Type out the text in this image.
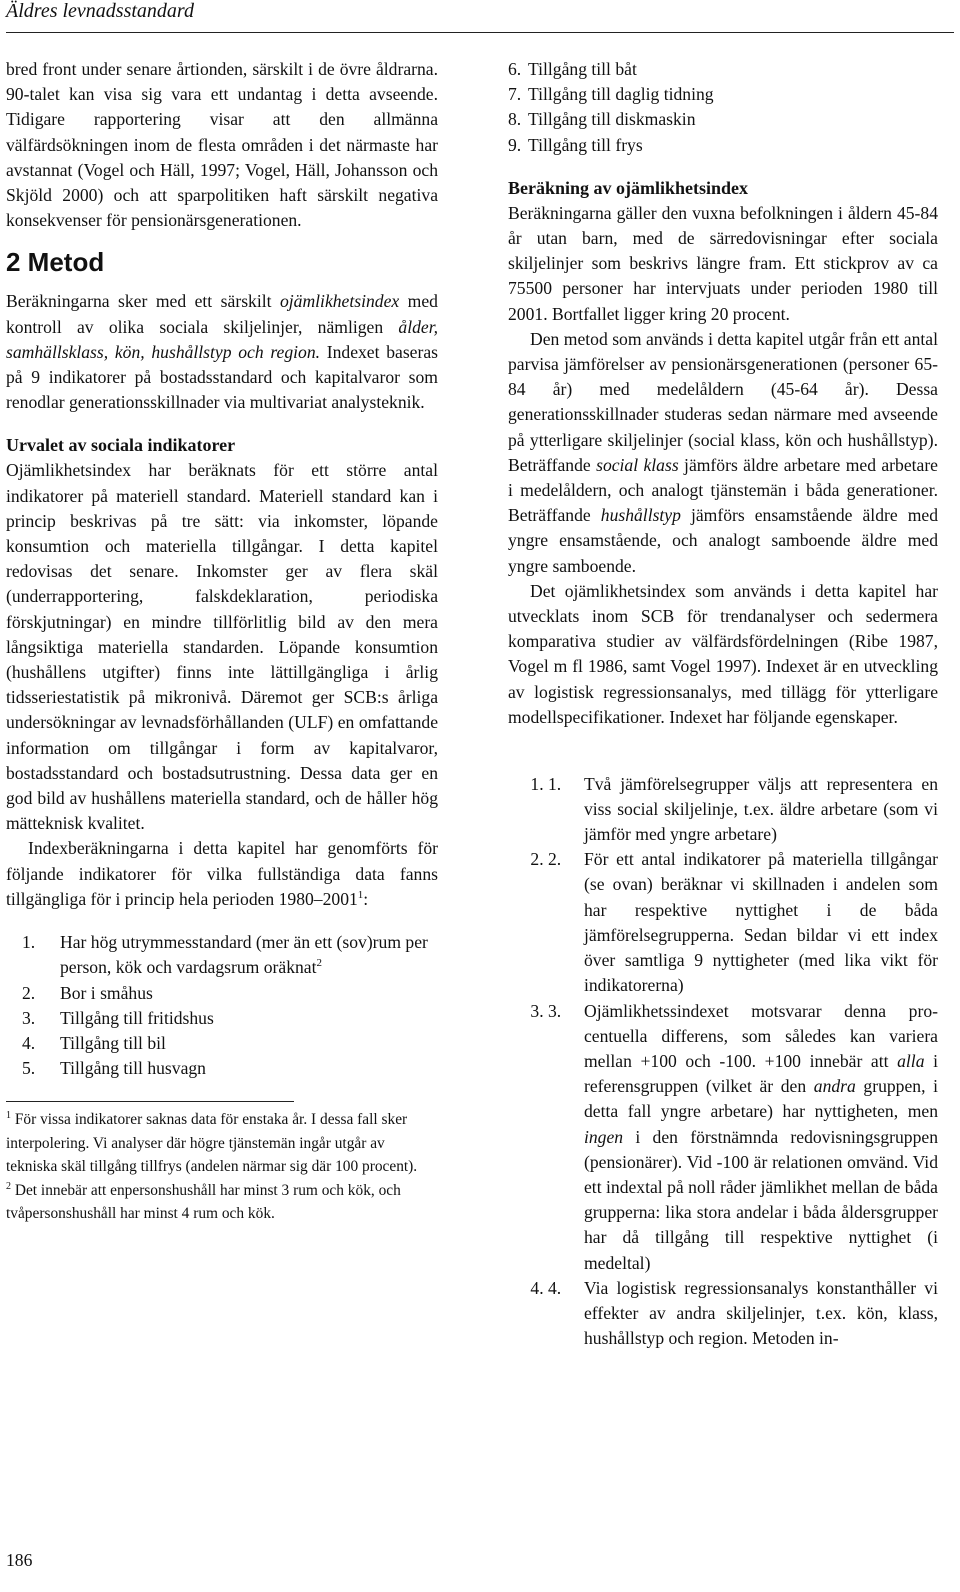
Äldres levnadsstandard

bred front under senare årtionden, särskilt i de övre åldrarna. 90-talet kan visa sig vara ett undantag i detta avseende. Tidigare rapportering visar att den allmänna välfärdsökningen inom de flesta områden i det närmaste har avstannat (Vogel och Häll, 1997; Vogel, Häll, Johansson och Skjöld 2000) och att sparpolitiken haft särskilt negativa konsekvenser för pensionärsgenerationen.

2 Metod

Beräkningarna sker med ett särskilt ojämlikhetsindex med kontroll av olika sociala skiljelinjer, nämligen ålder, samhällsklass, kön, hushållstyp och region. Indexet baseras på 9 indikatorer på bostadsstandard och kapitalvaror som renodlar generationsskillnader via multivariat analysteknik.

Urvalet av sociala indikatorer

Ojämlikhetsindex har beräknats för ett större antal indikatorer på materiell standard. Materiell standard kan i princip beskrivas på tre sätt: via inkomster, löpande konsumtion och materiella tillgångar. I detta kapitel redovisas det senare. Inkomster ger av flera skäl (underrapportering, falskdeklaration, periodiska förskjutningar) en mindre tillförlitlig bild av den mera långsiktiga materiella standarden. Löpande konsumtion (hushållens utgifter) finns inte lättillgängliga i årlig tidsseriestatistik på mikronivå. Däremot ger SCB:s årliga undersökningar av levnadsförhållanden (ULF) en omfattande information om tillgångar i form av kapitalvaror, bostadsstandard och bostadsutrustning. Dessa data ger en god bild av hushållens materiella standard, och de håller hög mätteknisk kvalitet.

Indexberäkningarna i detta kapitel har genomförts för följande indikatorer för vilka fullständiga data fanns tillgängliga för i princip hela perioden 1980–2001$^1$:

1. Har hög utrymmesstandard (mer än ett (sov)rum per person, kök och vardagsrum oräknat$^2$
2. Bor i småhus
3. Tillgång till fritidshus
4. Tillgång till bil
5. Tillgång till husvagn
$^1$ För vissa indikatorer saknas data för enstaka år. I dessa fall sker interpolering. Vi analyser där högre tjänstemän ingår utgår av tekniska skäl tillgång tillfrys (andelen närmar sig där 100 procent).
$^2$ Det innebär att enpersonshushåll har minst 3 rum och kök, och tvåpersonshushåll har minst 4 rum och kök.
6. Tillgång till båt
7. Tillgång till daglig tidning
8. Tillgång till diskmaskin
9. Tillgång till frys
Beräkning av ojämlikhetsindex

Beräkningarna gäller den vuxna befolkningen i åldern 45-84 år utan barn, med de särredovisningar efter sociala skiljelinjer som beskrivs längre fram. Ett stickprov av ca 75500 personer har intervjuats under perioden 1980 till 2001. Bortfallet ligger kring 20 procent.

Den metod som används i detta kapitel utgår från ett antal parvisa jämförelser av pensionärsgenerationen (personer 65-84 år) med medelåldern (45-64 år). Dessa generationsskillnader studeras sedan närmare med avseende på ytterligare skiljelinjer (social klass, kön och hushållstyp). Beträffande social klass jämförs äldre arbetare med arbetare i medelåldern, och analogt tjänstemän i båda generationer. Beträffande hushållstyp jämförs ensamstående äldre med yngre ensamstående, och analogt samboende äldre med yngre samboende.

Det ojämlikhetsindex som används i detta kapitel har utvecklats inom SCB för trendanalyser och sedermera komparativa studier av välfärdsfördelningen (Ribe 1987, Vogel m fl 1986, samt Vogel 1997). Indexet är en utveckling av logistisk regressionsanalys, med tillägg för ytterligare modellspecifikationer. Indexet har följande egenskaper.

1. 1. Två jämförelsegrupper väljs att representera en viss social skiljelinje, t.ex. äldre arbetare (som vi jämför med yngre arbetare)
2. 2. För ett antal indikatorer på materiella tillgångar (se ovan) beräknar vi skillnaden i andelen som har respektive nyttighet i de båda jämförelsegrupperna. Sedan bildar vi ett index över samtliga 9 nyttigheter (med lika vikt för indikatorerna)
3. 3. Ojämlikhetssindexet motsvarar denna procentuella differens, som således kan variera mellan +100 och -100. +100 innebär att alla i referensgruppen (vilket är den andra gruppen, i detta fall yngre arbetare) har nyttigheten, men ingen i den förstnämnda redovisningsgruppen (pensionärer). Vid -100 är relationen omvänd. Vid ett indextal på noll råder jämlikhet mellan de båda grupperna: lika stora andelar i båda åldersgrupper har då tillgång till respektive nyttighet (i medeltal)
4. 4. Via logistisk regressionsanalys konstanthåller vi effekter av andra skiljelinjer, t.ex. kön, klass, hushållstyp och region. Metoden in-
186
